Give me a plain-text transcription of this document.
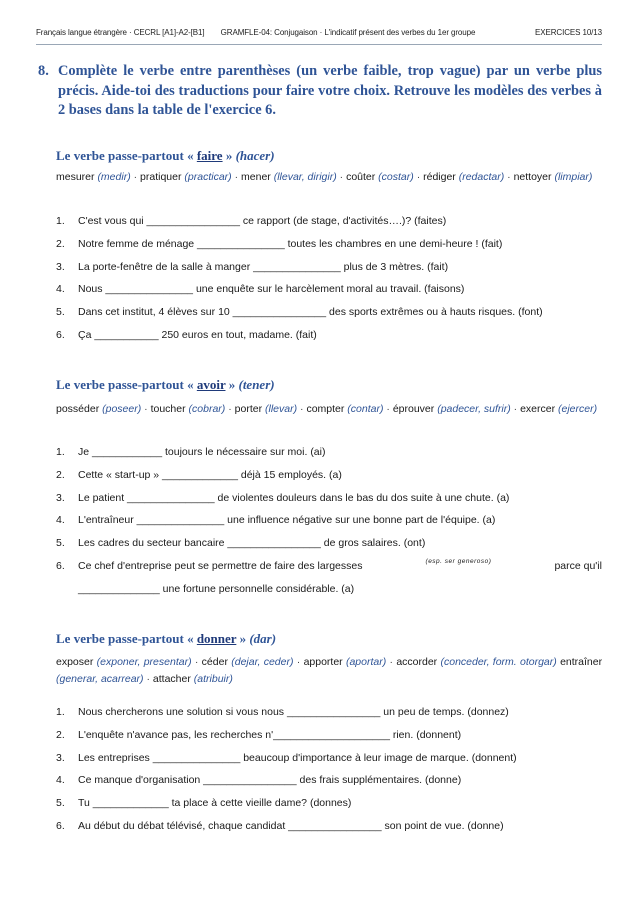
Français langue étrangère · CECRL [A1]-A2-[B1] GRAMFLE-04: Conjugaison · L'indicatif présent des verbes du 1er groupe	EXERCICES 10/13
8. Complète le verbe entre parenthèses (un verbe faible, trop vague) par un verbe plus précis. Aide-toi des traductions pour faire votre choix. Retrouve les modèles des verbes à 2 bases dans la table de l'exercice 6.
Le verbe passe-partout « faire » (hacer)
mesurer (medir) · pratiquer (practicar) · mener (llevar, dirigir) · coûter (costar) · rédiger (redactar) · nettoyer (limpiar)
1. C'est vous qui ________________ ce rapport (de stage, d'activités….)? (faites)
2. Notre femme de ménage _______________ toutes les chambres en une demi-heure ! (fait)
3. La porte-fenêtre de la salle à manger _______________ plus de 3 mètres. (fait)
4. Nous _______________ une enquête sur le harcèlement moral au travail. (faisons)
5. Dans cet institut, 4 élèves sur 10 ________________ des sports extrêmes ou à hauts risques. (font)
6. Ça ___________ 250 euros en tout, madame. (fait)
Le verbe passe-partout « avoir » (tener)
posséder (poseer) · toucher (cobrar) · porter (llevar) · compter (contar) · éprouver (padecer, sufrir) · exercer (ejercer)
1. Je ____________ toujours le nécessaire sur moi. (ai)
2. Cette « start-up » _____________ déjà 15 employés. (a)
3. Le patient _______________ de violentes douleurs dans le bas du dos suite à une chute. (a)
4. L'entraîneur _______________ une influence négative sur une bonne part de l'équipe. (a)
5. Les cadres du secteur bancaire ________________ de gros salaires. (ont)
6. Ce chef d'entreprise peut se permettre de faire des largesses	(esp. ser generoso)	parce qu'il
______________ une fortune personnelle considérable. (a)
Le verbe passe-partout « donner » (dar)
exposer (exponer, presentar) · céder (dejar, ceder) · apporter (aportar) · accorder (conceder, form. otorgar) entraîner (generar, acarrear) · attacher (atribuir)
1. Nous chercherons une solution si vous nous ________________ un peu de temps. (donnez)
2. L'enquête n'avance pas, les recherches n'____________________ rien. (donnent)
3. Les entreprises _______________ beaucoup d'importance à leur image de marque. (donnent)
4. Ce manque d'organisation ________________ des frais supplémentaires. (donne)
5. Tu _____________ ta place à cette vieille dame? (donnes)
6. Au début du débat télévisé, chaque candidat ________________ son point de vue. (donne)
